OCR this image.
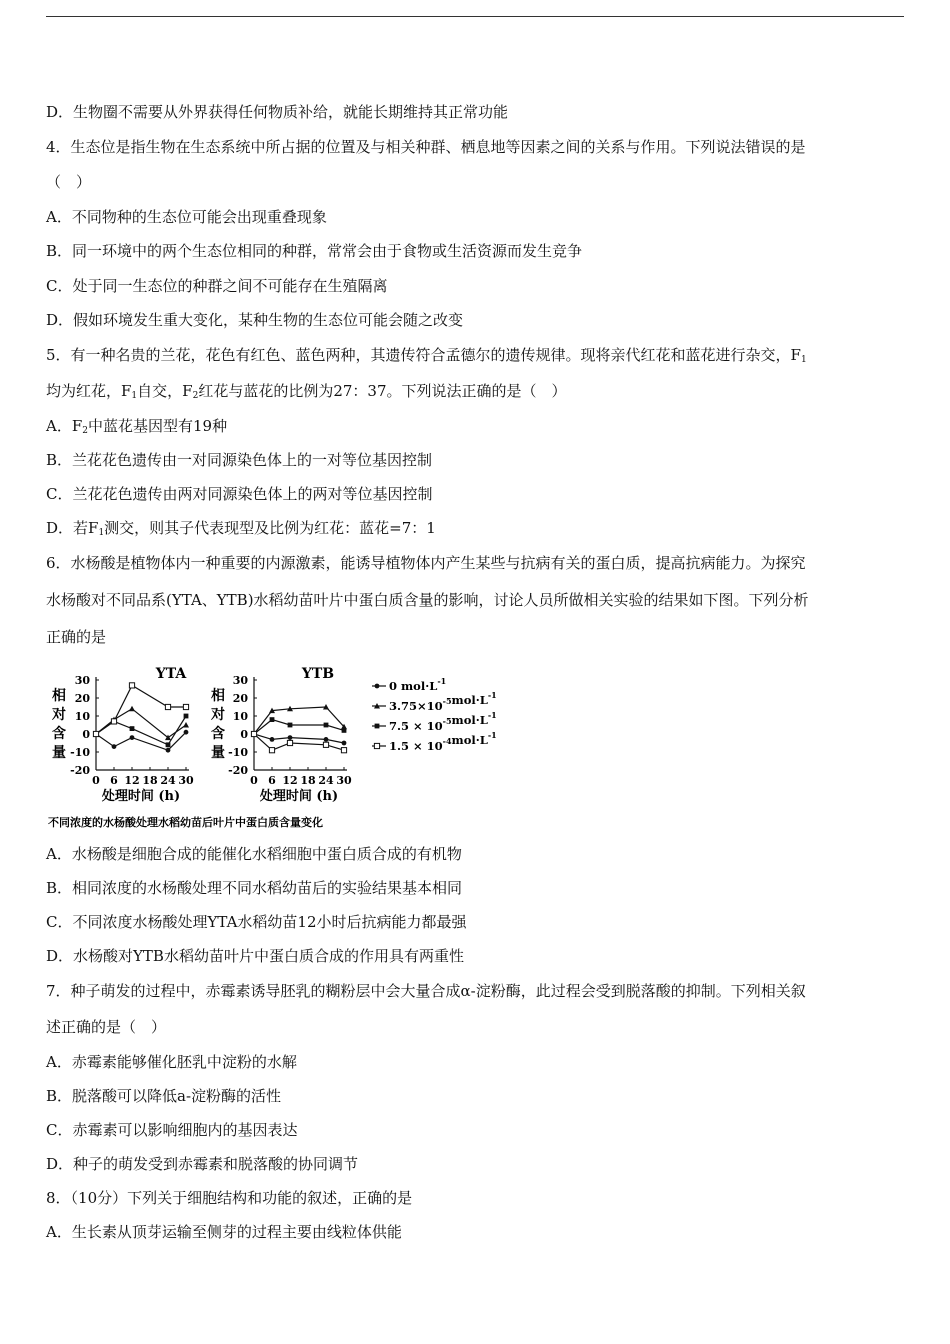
D．生物圈不需要从外界获得任何物质补给，就能长期维持其正常功能
4．生态位是指生物在生态系统中所占据的位置及与相关种群、栖息地等因素之间的关系与作用。下列说法错误的是
（　）
A．不同物种的生态位可能会出现重叠现象
B．同一环境中的两个生态位相同的种群，常常会由于食物或生活资源而发生竞争
C．处于同一生态位的种群之间不可能存在生殖隔离
D．假如环境发生重大变化，某种生物的生态位可能会随之改变
5．有一种名贵的兰花，花色有红色、蓝色两种，其遗传符合孟德尔的遗传规律。现将亲代红花和蓝花进行杂交，$F_1$
均为红花，$F_1$自交，$F_2$红花与蓝花的比例为27：37。下列说法正确的是（　）
A．$F_2$中蓝花基因型有19种
B．兰花花色遗传由一对同源染色体上的一对等位基因控制
C．兰花花色遗传由两对同源染色体上的两对等位基因控制
D．若$F_1$测交，则其子代表现型及比例为红花：蓝花=7：1
6．水杨酸是植物体内一种重要的内源激素，能诱导植物体内产生某些与抗病有关的蛋白质，提高抗病能力。为探究
水杨酸对不同品系(YTA、YTB)水稻幼苗叶片中蛋白质含量的影响，讨论人员所做相关实验的结果如下图。下列分析
正确的是
YTA
相
对
含
量
30
20
10
0
-10
-20
0 6 12 18 24 30
处理时间 (h)
YTB
相
对
含
量
30
20
10
0
-10
-20
0 6 12 18 24 30
处理时间 (h)
0 $mol\cdot L^{-1}$
$3.75\times 10^{-5}mol\cdot L^{-1}$
$7.5 \times 10^{-5}mol\cdot L^{-1}$
$1.5 \times 10^{-4}mol\cdot L^{-1}$
不同浓度的水杨酸处理水稻幼苗后叶片中蛋白质含量变化
A．水杨酸是细胞合成的能催化水稻细胞中蛋白质合成的有机物
B．相同浓度的水杨酸处理不同水稻幼苗后的实验结果基本相同
C．不同浓度水杨酸处理YTA水稻幼苗12小时后抗病能力都最强
D．水杨酸对YTB水稻幼苗叶片中蛋白质合成的作用具有两重性
7．种子萌发的过程中，赤霉素诱导胚乳的糊粉层中会大量合成α-淀粉酶，此过程会受到脱落酸的抑制。下列相关叙
述正确的是（　）
A．赤霉素能够催化胚乳中淀粉的水解
B．脱落酸可以降低a-淀粉酶的活性
C．赤霉素可以影响细胞内的基因表达
D．种子的萌发受到赤霉素和脱落酸的协同调节
8．（10分）下列关于细胞结构和功能的叙述，正确的是
A．生长素从顶芽运输至侧芽的过程主要由线粒体供能
